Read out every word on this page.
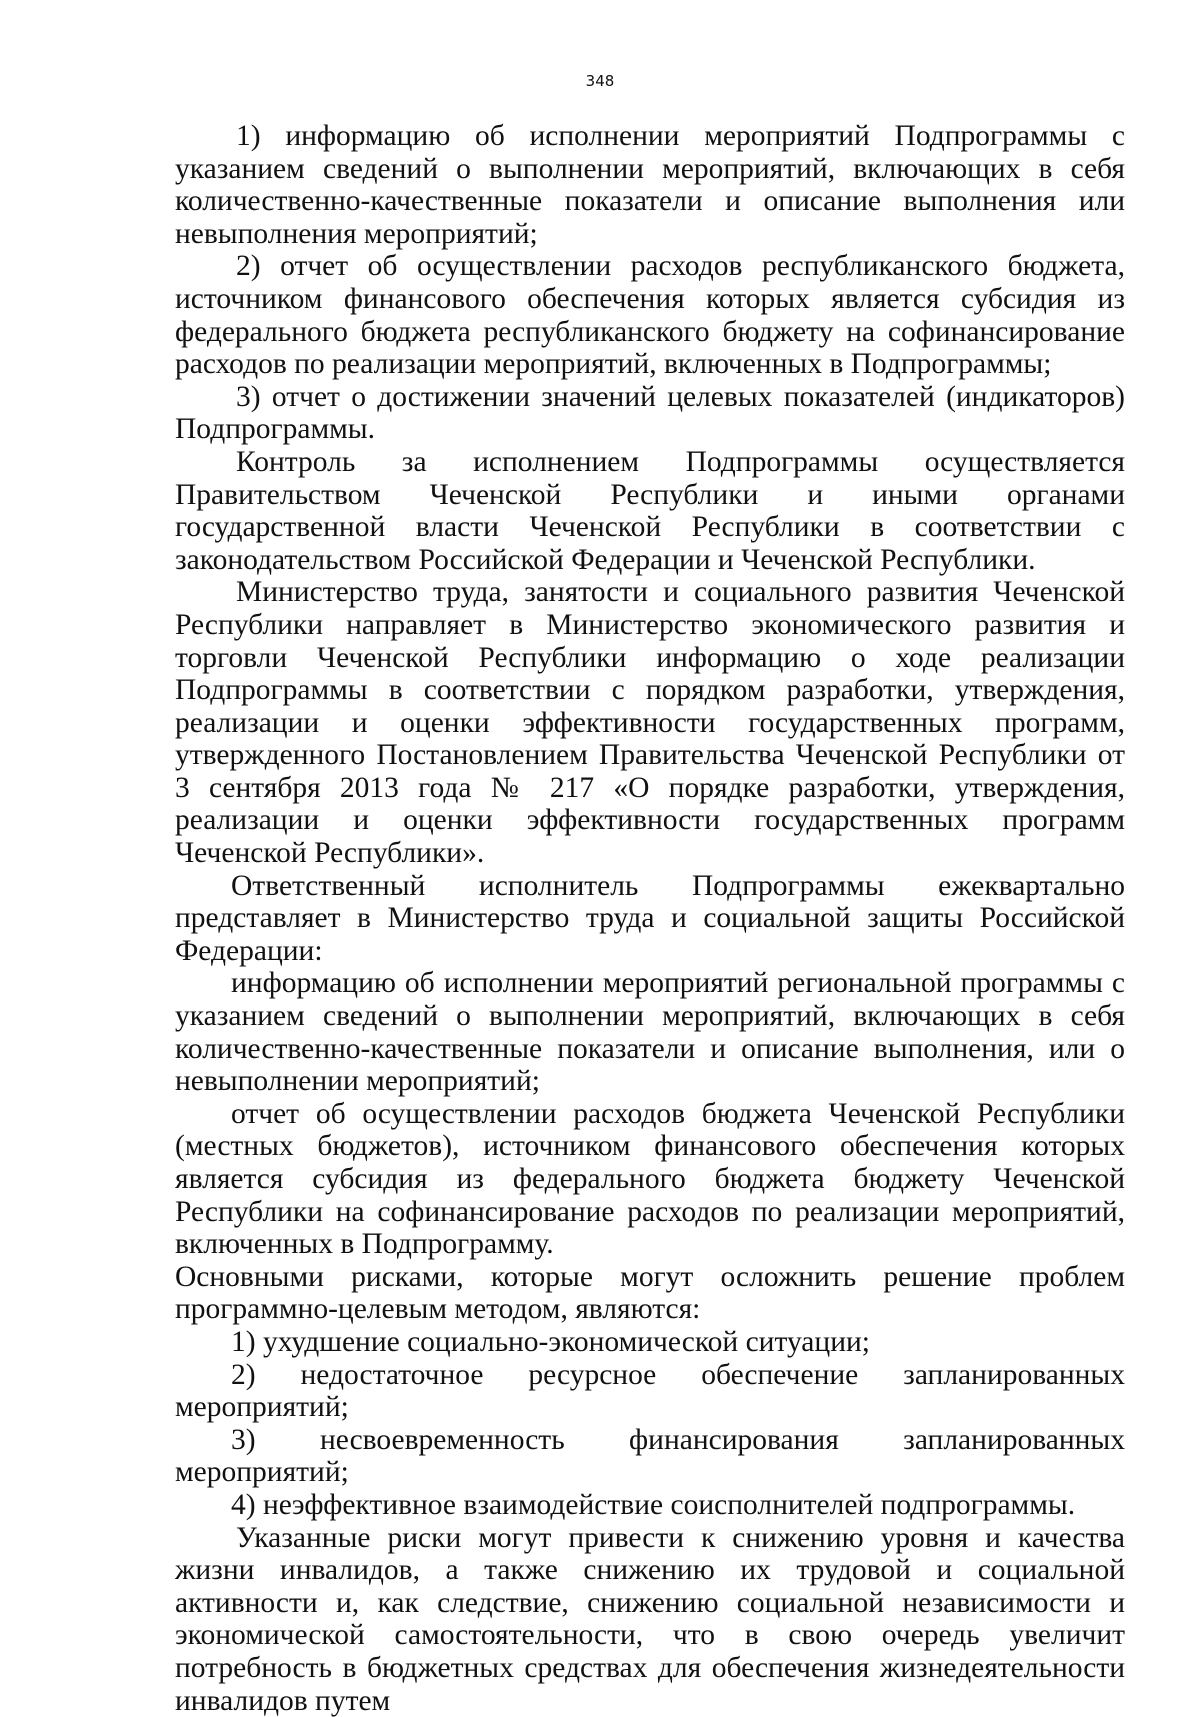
348

1) информацию об исполнении мероприятий Подпрограммы с указанием сведений о выполнении мероприятий, включающих в себя количественно-качественные показатели и описание выполнения или невыполнения мероприятий;

2) отчет об осуществлении расходов республиканского бюджета, источником финансового обеспечения которых является субсидия из федерального бюджета республиканского бюджету на софинансирование расходов по реализации мероприятий, включенных в Подпрограммы;

3) отчет о достижении значений целевых показателей (индикаторов) Подпрограммы.

Контроль за исполнением Подпрограммы осуществляется Правительством Чеченской Республики и иными органами государственной власти Чеченской Республики в соответствии с законодательством Российской Федерации и Чеченской Республики.

Министерство труда, занятости и социального развития Чеченской Республики направляет в Министерство экономического развития и торговли Чеченской Республики информацию о ходе реализации Подпрограммы в соответствии с порядком разработки, утверждения, реализации и оценки эффективности государственных программ, утвержденного Постановлением Правительства Чеченской Республики от 3 сентября 2013 года № 217 «О порядке разработки, утверждения, реализации и оценки эффективности государственных программ Чеченской Республики».

Ответственный исполнитель Подпрограммы ежеквартально представляет в Министерство труда и социальной защиты Российской Федерации:

информацию об исполнении мероприятий региональной программы с указанием сведений о выполнении мероприятий, включающих в себя количественно-качественные показатели и описание выполнения, или о невыполнении мероприятий;

отчет об осуществлении расходов бюджета Чеченской Республики (местных бюджетов), источником финансового обеспечения которых является субсидия из федерального бюджета бюджету Чеченской Республики на софинансирование расходов по реализации мероприятий, включенных в Подпрограмму.

Основными рисками, которые могут осложнить решение проблем программно-целевым методом, являются:

1) ухудшение социально-экономической ситуации;

2) недостаточное ресурсное обеспечение запланированных мероприятий;

3) несвоевременность финансирования запланированных мероприятий;

4) неэффективное взаимодействие соисполнителей подпрограммы.

Указанные риски могут привести к снижению уровня и качества жизни инвалидов, а также снижению их трудовой и социальной активности и, как следствие, снижению социальной независимости и экономической самостоятельности, что в свою очередь увеличит потребность в бюджетных средствах для обеспечения жизнедеятельности инвалидов путем
